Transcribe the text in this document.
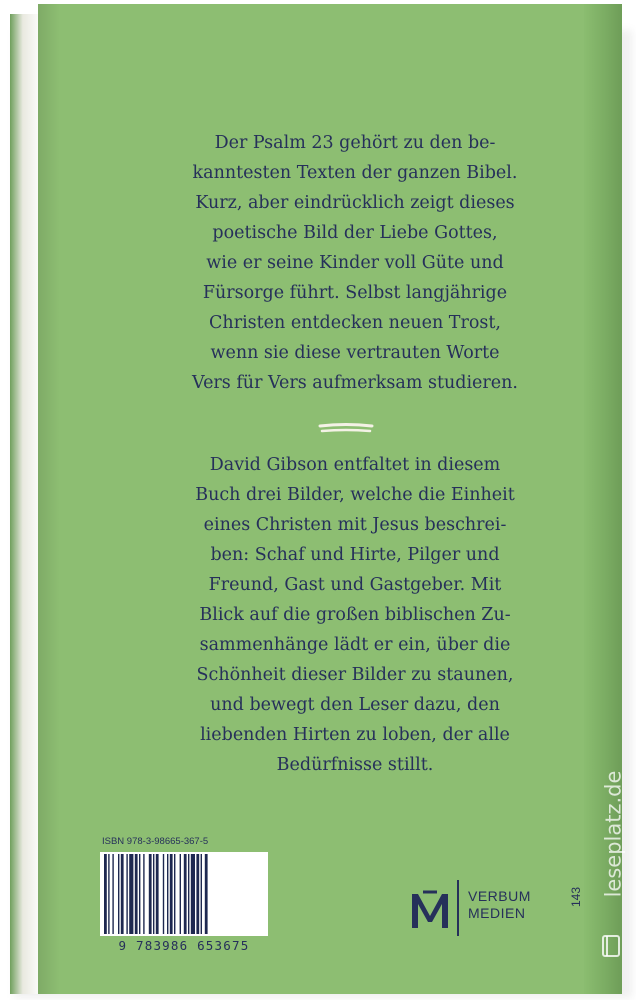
Der Psalm 23 gehört zu den be-
kanntesten Texten der ganzen Bibel.
Kurz, aber eindrücklich zeigt dieses
poetische Bild der Liebe Gottes,
wie er seine Kinder voll Güte und
Fürsorge führt. Selbst langjährige
Christen entdecken neuen Trost,
wenn sie diese vertrauten Worte
Vers für Vers aufmerksam studieren.
David Gibson entfaltet in diesem
Buch drei Bilder, welche die Einheit
eines Christen mit Jesus beschrei-
ben: Schaf und Hirte, Pilger und
Freund, Gast und Gastgeber. Mit
Blick auf die großen biblischen Zu-
sammenhänge lädt er ein, über die
Schönheit dieser Bilder zu staunen,
und bewegt den Leser dazu, den
liebenden Hirten zu loben, der alle
Bedürfnisse stillt.
ISBN 978-3-98665-367-5
9 783986 653675
VERBUM
MEDIEN
143 leseplatz.de
